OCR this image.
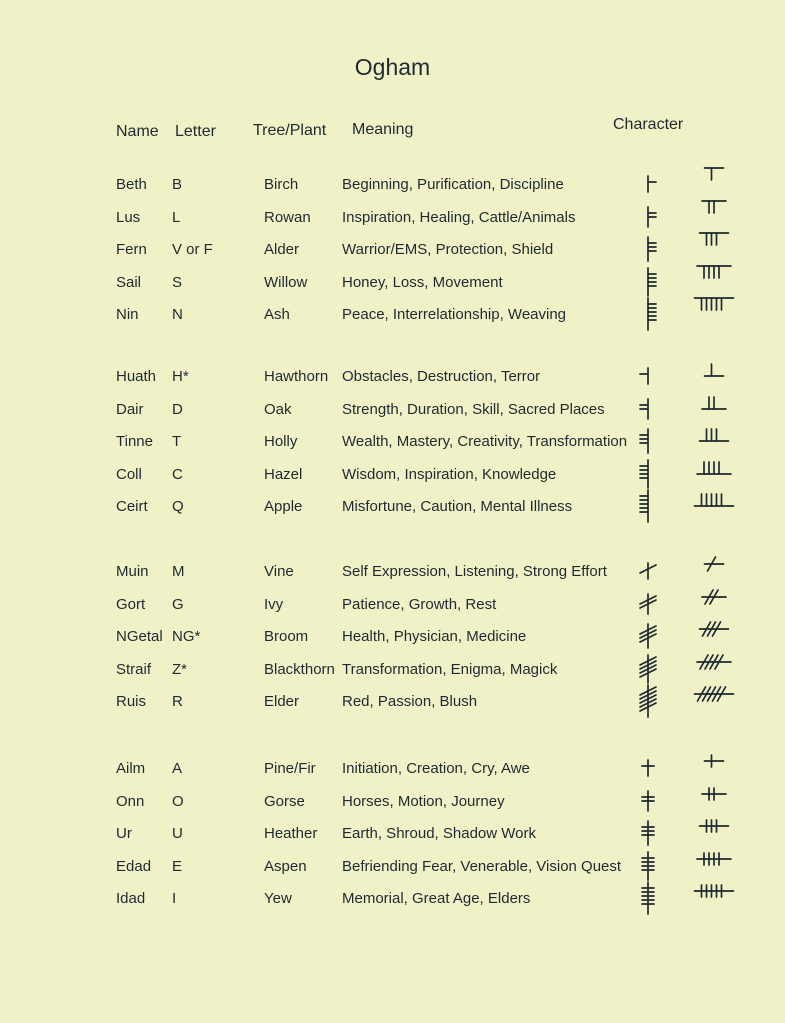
Ogham
Name Letter Tree/Plant Meaning	Character
Beth B	Birch	Beginning, Purification, Discipline
Lus L	Rowan Inspiration, Healing, Cattle/Animals
Fern V or F	Alder	Warrior/EMS, Protection, Shield
Sail S	Willow Honey, Loss, Movement
Nin N	Ash	Peace, Interrelationship, Weaving
Huath H*	Hawthorn Obstacles, Destruction, Terror
Dair D	Oak	Strength, Duration, Skill, Sacred Places
Tinne T	Holly	Wealth, Mastery, Creativity, Transformation
Coll C	Hazel	Wisdom, Inspiration, Knowledge
Ceirt Q	Apple	Misfortune, Caution, Mental Illness
Muin M	Vine	Self Expression, Listening, Strong Effort
Gort G	Ivy	Patience, Growth, Rest
NGetal NG*	Broom Health, Physician, Medicine
Straif Z*	Blackthorn Transformation, Enigma, Magick
Ruis R	Elder	Red, Passion, Blush
Ailm A	Pine/Fir Initiation, Creation, Cry, Awe
Onn O	Gorse Horses, Motion, Journey
Ur	U	Heather Earth, Shroud, Shadow Work
Edad E	Aspen Befriending Fear, Venerable, Vision Quest
Idad I	Yew	Memorial, Great Age, Elders
